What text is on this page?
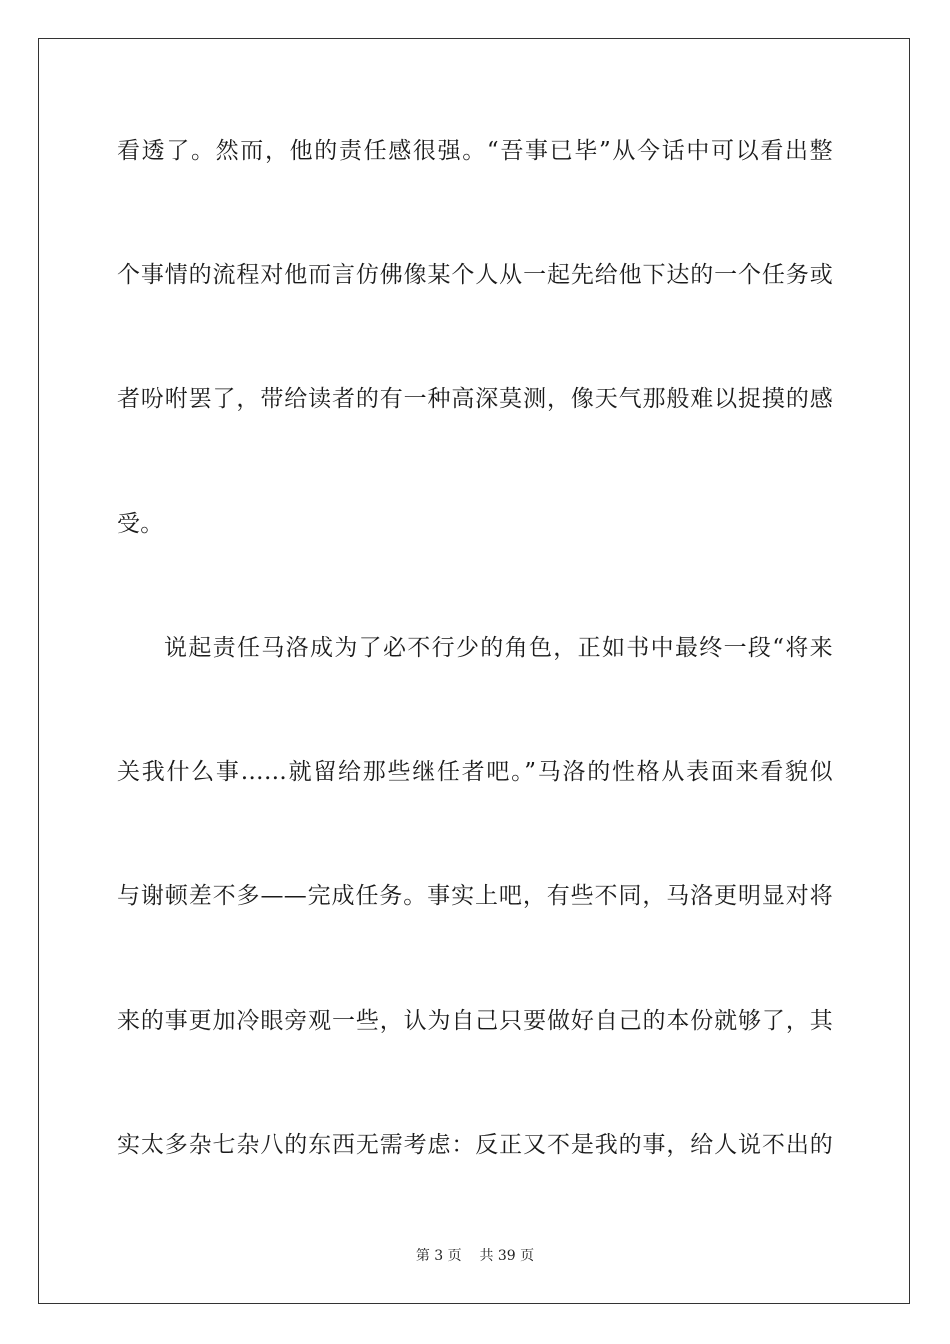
看透了。然而，他的责任感很强。“吾事已毕”从今话中可以看出整
个事情的流程对他而言仿佛像某个人从一起先给他下达的一个任务或
者吩咐罢了，带给读者的有一种高深莫测，像天气那般难以捉摸的感
受。
说起责任马洛成为了必不行少的角色，正如书中最终一段“将来
关我什么事……就留给那些继任者吧。”马洛的性格从表面来看貌似
与谢顿差不多——完成任务。事实上吧，有些不同，马洛更明显对将
来的事更加冷眼旁观一些，认为自己只要做好自己的本份就够了，其
实太多杂七杂八的东西无需考虑：反正又不是我的事，给人说不出的
第 3 页 共 39 页
